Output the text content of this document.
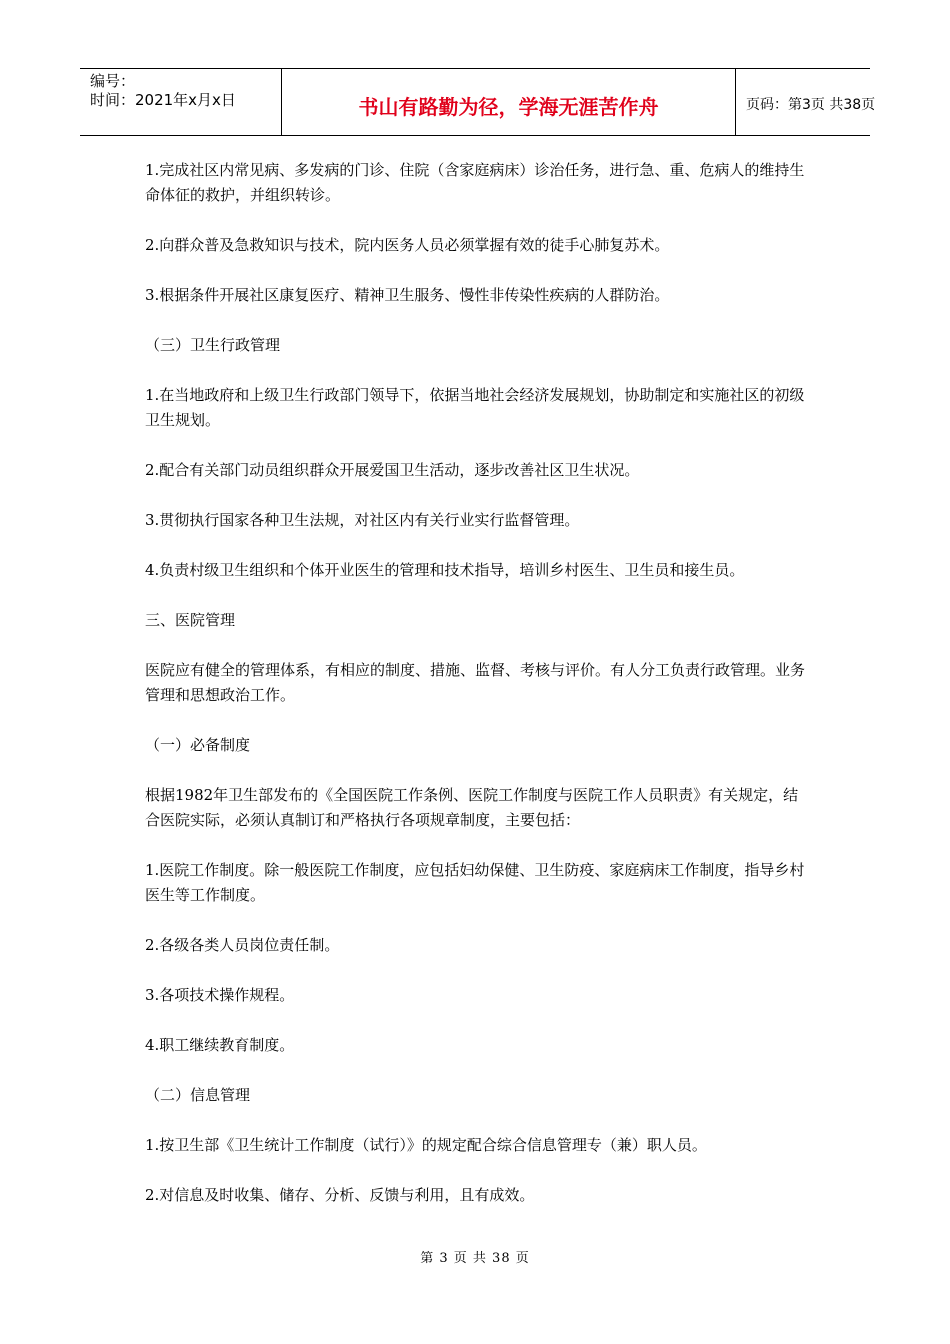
编号：
时间：2021年x月x日	书山有路勤为径，学海无涯苦作舟	页码：第3页 共38页

1.完成社区内常见病、多发病的门诊、住院（含家庭病床）诊治任务，进行急、重、危病人的维持生命体征的救护，并组织转诊。

2.向群众普及急救知识与技术，院内医务人员必须掌握有效的徒手心肺复苏术。

3.根据条件开展社区康复医疗、精神卫生服务、慢性非传染性疾病的人群防治。

（三）卫生行政管理

1.在当地政府和上级卫生行政部门领导下，依据当地社会经济发展规划，协助制定和实施社区的初级卫生规划。

2.配合有关部门动员组织群众开展爱国卫生活动，逐步改善社区卫生状况。

3.贯彻执行国家各种卫生法规，对社区内有关行业实行监督管理。

4.负责村级卫生组织和个体开业医生的管理和技术指导，培训乡村医生、卫生员和接生员。

三、医院管理

医院应有健全的管理体系，有相应的制度、措施、监督、考核与评价。有人分工负责行政管理。业务管理和思想政治工作。

（一）必备制度

根据1982年卫生部发布的《全国医院工作条例、医院工作制度与医院工作人员职责》有关规定，结合医院实际，必须认真制订和严格执行各项规章制度，主要包括：

1.医院工作制度。除一般医院工作制度，应包括妇幼保健、卫生防疫、家庭病床工作制度，指导乡村医生等工作制度。

2.各级各类人员岗位责任制。

3.各项技术操作规程。

4.职工继续教育制度。

（二）信息管理

1.按卫生部《卫生统计工作制度（试行）》的规定配合综合信息管理专（兼）职人员。

2.对信息及时收集、储存、分析、反馈与利用，且有成效。

第 3 页 共 38 页
